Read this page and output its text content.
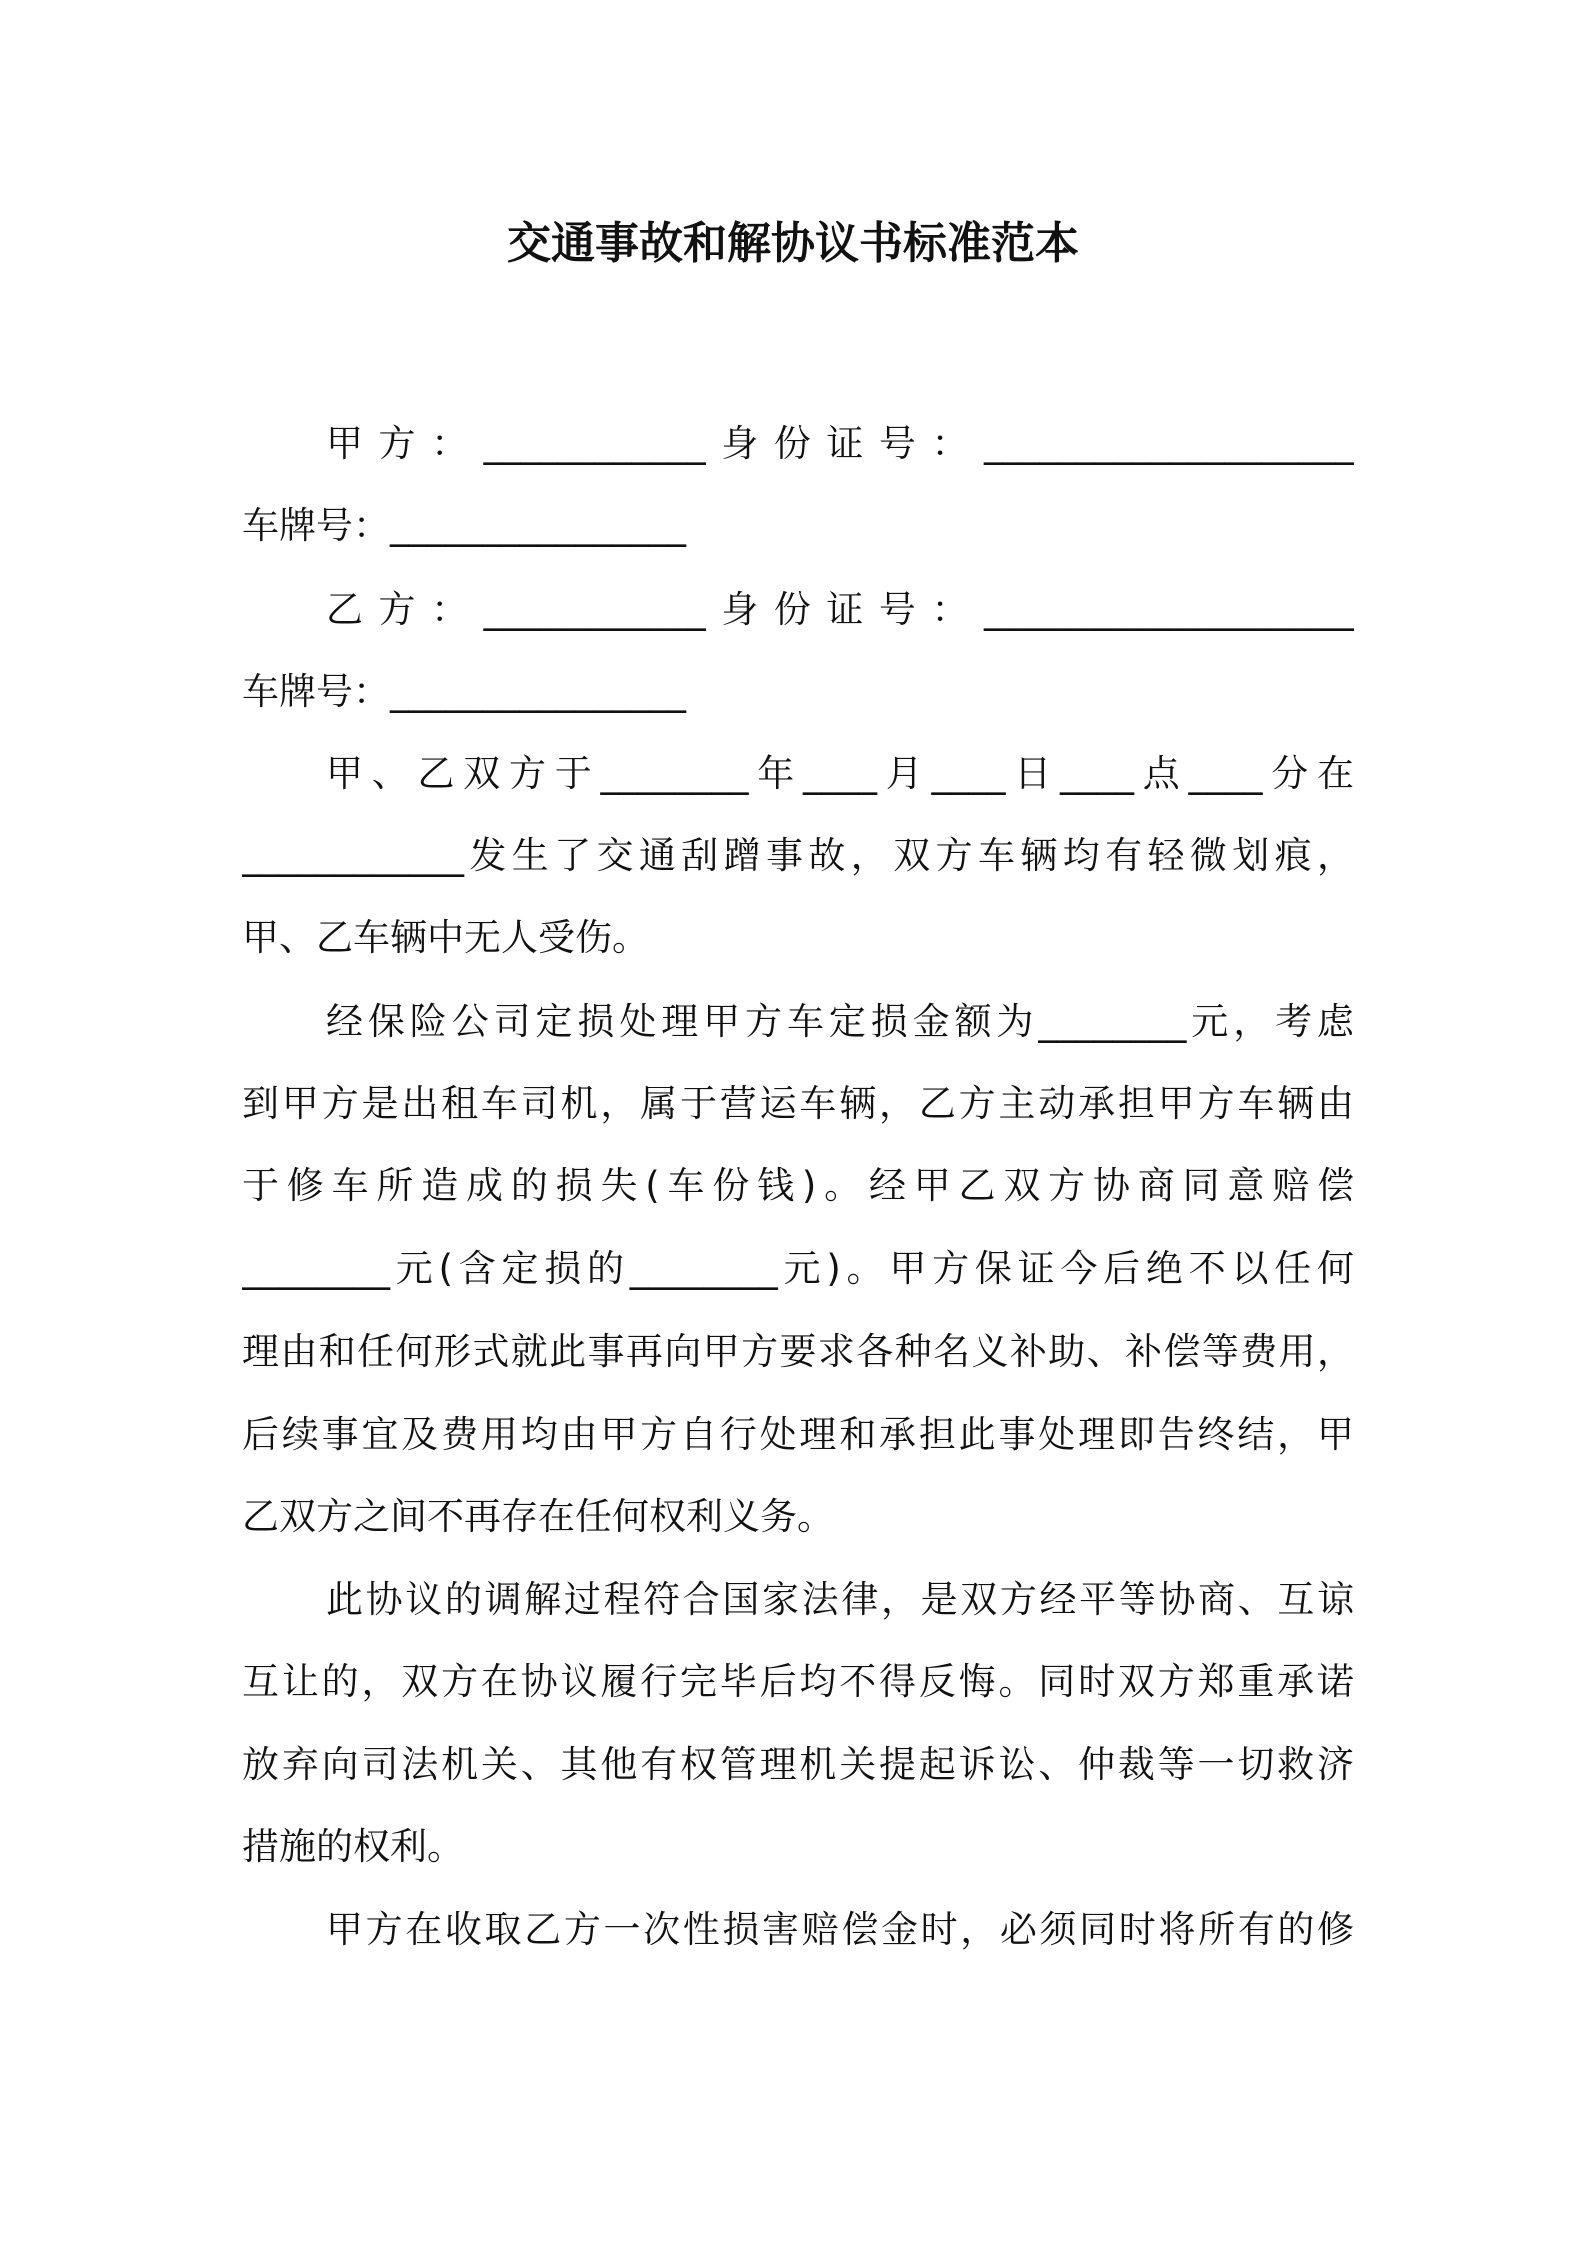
交通事故和解协议书标准范本
甲方：____________身份证号：____________________
车牌号：________________
乙方：____________身份证号：____________________
车牌号：________________
甲、乙双方于________年____月____日____点____分在
____________发生了交通刮蹭事故，双方车辆均有轻微划痕，
甲、乙车辆中无人受伤。
经保险公司定损处理甲方车定损金额为________元，考虑
到甲方是出租车司机，属于营运车辆，乙方主动承担甲方车辆由
于修车所造成的损失(车份钱)。经甲乙双方协商同意赔偿
________元(含定损的________元)。甲方保证今后绝不以任何
理由和任何形式就此事再向甲方要求各种名义补助、补偿等费用，
后续事宜及费用均由甲方自行处理和承担此事处理即告终结，甲
乙双方之间不再存在任何权利义务。
此协议的调解过程符合国家法律，是双方经平等协商、互谅
互让的，双方在协议履行完毕后均不得反悔。同时双方郑重承诺
放弃向司法机关、其他有权管理机关提起诉讼、仲裁等一切救济
措施的权利。
甲方在收取乙方一次性损害赔偿金时，必须同时将所有的修
